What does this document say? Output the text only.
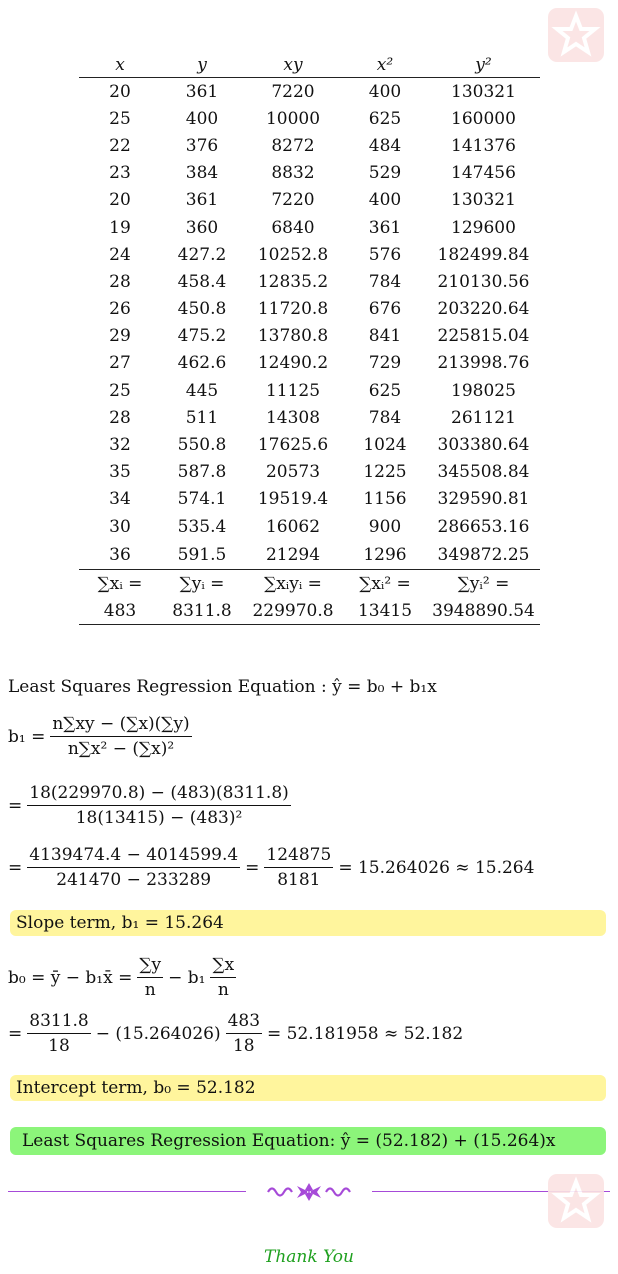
x	y	xy	x²	y²
20	361	7220	400	130321
25	400	10000	625	160000
22	376	8272	484	141376
23	384	8832	529	147456
20	361	7220	400	130321
19	360	6840	361	129600
24	427.2	10252.8	576	182499.84
28	458.4	12835.2	784	210130.56
26	450.8	11720.8	676	203220.64
29	475.2	13780.8	841	225815.04
27	462.6	12490.2	729	213998.76
25	445	11125	625	198025
28	511	14308	784	261121
32	550.8	17625.6	1024	303380.64
35	587.8	20573	1225	345508.84
34	574.1	19519.4	1156	329590.81
30	535.4	16062	900	286653.16
36	591.5	21294	1296	349872.25
∑xᵢ =	∑yᵢ =	∑xᵢyᵢ =	∑xᵢ² =	∑yᵢ² =
483	8311.8	229970.8	13415	3948890.54
Least Squares Regression Equation : ŷ = b₀ + b₁x
$b_1 = \frac{n\sum xy - (\sum x)(\sum y)}{\text{n∑x² − (∑x)²}}$
= $\frac{18(229970.8) - (483)(8311.8)}{\text{18(13415) − (483)²}}$
= $\frac{4139474.4 - 4014599.4}{241470 - 233289} = \frac{124875}{8181} = 15.264026 \approx 15.264$
Slope term, b₁ = 15.264
b₀ = ȳ − b₁x̄ = $\frac{\sum y}{n} - b_1 \frac{\sum x}{n}$
= $\frac{8311.8}{18} - (15.264026) \frac{483}{18} = 52.181958 \approx 52.182$
Intercept term, b₀ = 52.182
Least Squares Regression Equation: ŷ = (52.182) + (15.264)x
Thank You
